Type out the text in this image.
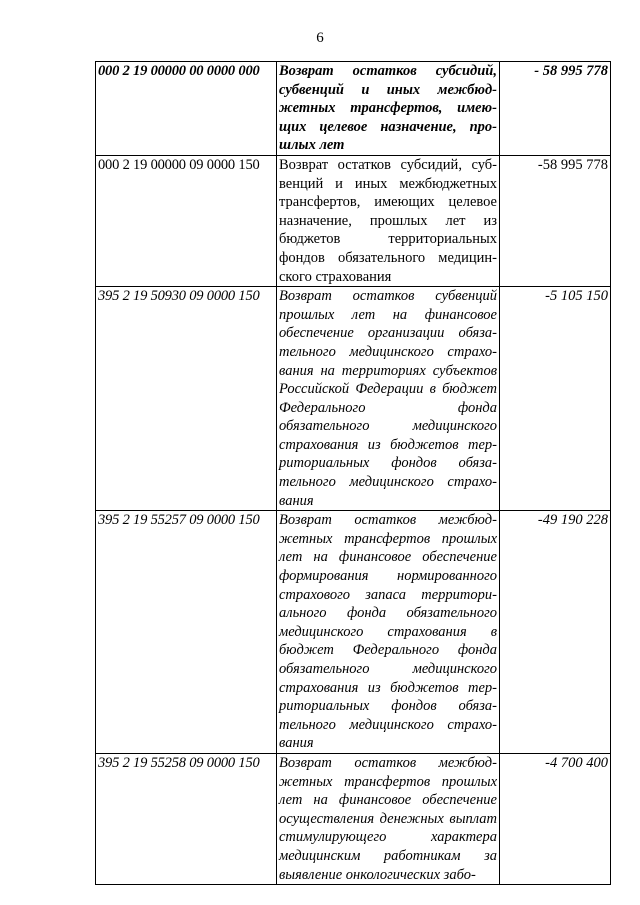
6
000 2 19 00000 00 0000 000	Возврат остатков субсидий, субвенций и иных межбюджетных трансфертов, имеющих целевое назначение, прошлых лет	- 58 995 778
000 2 19 00000 09 0000 150	Возврат остатков субсидий, субвенций и иных межбюджетных трансфертов, имеющих целевое назначение, прошлых лет из бюджетов территориальных фондов обязательного медицинского страхования	-58 995 778
395 2 19 50930 09 0000 150	Возврат остатков субвенций прошлых лет на финансовое обеспечение организации обязательного медицинского страхования на территориях субъектов Российской Федерации в бюджет Федерального фонда обязательного медицинского страхования из бюджетов территориальных фондов обязательного медицинского страхования	-5 105 150
395 2 19 55257 09 0000 150	Возврат остатков межбюджетных трансфертов прошлых лет на финансовое обеспечение формирования нормированного страхового запаса территориального фонда обязательного медицинского страхования в бюджет Федерального фонда обязательного медицинского страхования из бюджетов территориальных фондов обязательного медицинского страхования	-49 190 228
395 2 19 55258 09 0000 150	Возврат остатков межбюджетных трансфертов прошлых лет на финансовое обеспечение осуществления денежных выплат стимулирующего характера медицинским работникам за выявление онкологических забо-	-4 700 400
